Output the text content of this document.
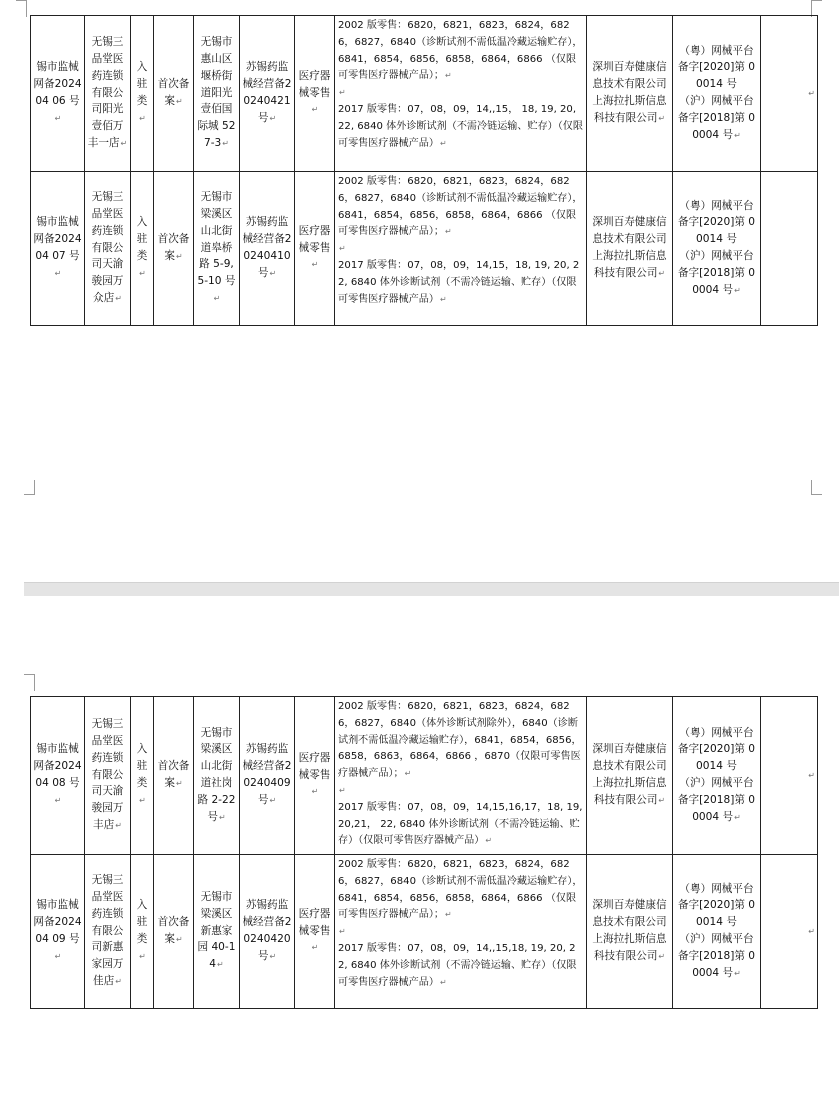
锡市监械网备202404 06 号↵	无锡三品堂医药连锁有限公司阳光壹佰万丰一店↵	入驻类↵	首次备案↵	无锡市惠山区堰桥街道阳光壹佰国际城 527-3↵	苏锡药监械经营备20240421 号↵	医疗器械零售↵	2002 版零售：6820，6821，6823，6824，6826，6827，6840（诊断试剂不需低温冷藏运输贮存），6841，6854，6856，6858，6864，6866 （仅限可零售医疗器械产品）；↵
↵
2017 版零售：07，08，09，14,,15， 18, 19, 20, 22, 6840 体外诊断试剂（不需冷链运输、贮存）（仅限可零售医疗器械产品）↵	深圳百寿健康信息技术有限公司
上海拉扎斯信息科技有限公司↵	（粤）网械平台备字[2020]第 00014 号
（沪）网械平台备字[2018]第 00004 号↵	↵
锡市监械网备202404 07 号↵	无锡三品堂医药连锁有限公司天渝骏园万众店↵	入驻类↵	首次备案↵	无锡市梁溪区山北街道皋桥路 5-9,5-10 号↵	苏锡药监械经营备20240410 号↵	医疗器械零售↵	2002 版零售：6820，6821，6823，6824，6826，6827，6840（诊断试剂不需低温冷藏运输贮存），6841，6854，6856，6858，6864，6866 （仅限可零售医疗器械产品）；↵
↵
2017 版零售：07，08，09，14,15，18, 19, 20, 22, 6840 体外诊断试剂（不需冷链运输、贮存）（仅限可零售医疗器械产品）↵	深圳百寿健康信息技术有限公司
上海拉扎斯信息科技有限公司↵	（粤）网械平台备字[2020]第 00014 号
（沪）网械平台备字[2018]第 00004 号↵	

锡市监械网备202404 08 号↵	无锡三品堂医药连锁有限公司天渝骏园万丰店↵	入驻类↵	首次备案↵	无锡市梁溪区山北街道社岗路 2-22 号↵	苏锡药监械经营备20240409 号↵	医疗器械零售↵	2002 版零售：6820，6821，6823，6824，6826，6827，6840（体外诊断试剂除外），6840（诊断试剂不需低温冷藏运输贮存），6841，6854，6856，6858，6863，6864，6866 ，6870（仅限可零售医疗器械产品）；↵
↵
2017 版零售：07，08，09，14,15,16,17，18, 19, 20,21， 22, 6840 体外诊断试剂（不需冷链运输、贮存）（仅限可零售医疗器械产品）↵	深圳百寿健康信息技术有限公司
上海拉扎斯信息科技有限公司↵	（粤）网械平台备字[2020]第 00014 号
（沪）网械平台备字[2018]第 00004 号↵	↵
锡市监械网备202404 09 号↵	无锡三品堂医药连锁有限公司新惠家园万佳店↵	入驻类↵	首次备案↵	无锡市梁溪区新惠家园 40-14↵	苏锡药监械经营备20240420 号↵	医疗器械零售↵	2002 版零售：6820，6821，6823，6824，6826，6827，6840（诊断试剂不需低温冷藏运输贮存），6841，6854，6856，6858，6864，6866 （仅限可零售医疗器械产品）；↵
↵
2017 版零售：07，08，09，14,,15,18, 19, 20, 22, 6840 体外诊断试剂（不需冷链运输、贮存）（仅限可零售医疗器械产品）↵	深圳百寿健康信息技术有限公司
上海拉扎斯信息科技有限公司↵	（粤）网械平台备字[2020]第 00014 号
（沪）网械平台备字[2018]第 00004 号↵	↵
